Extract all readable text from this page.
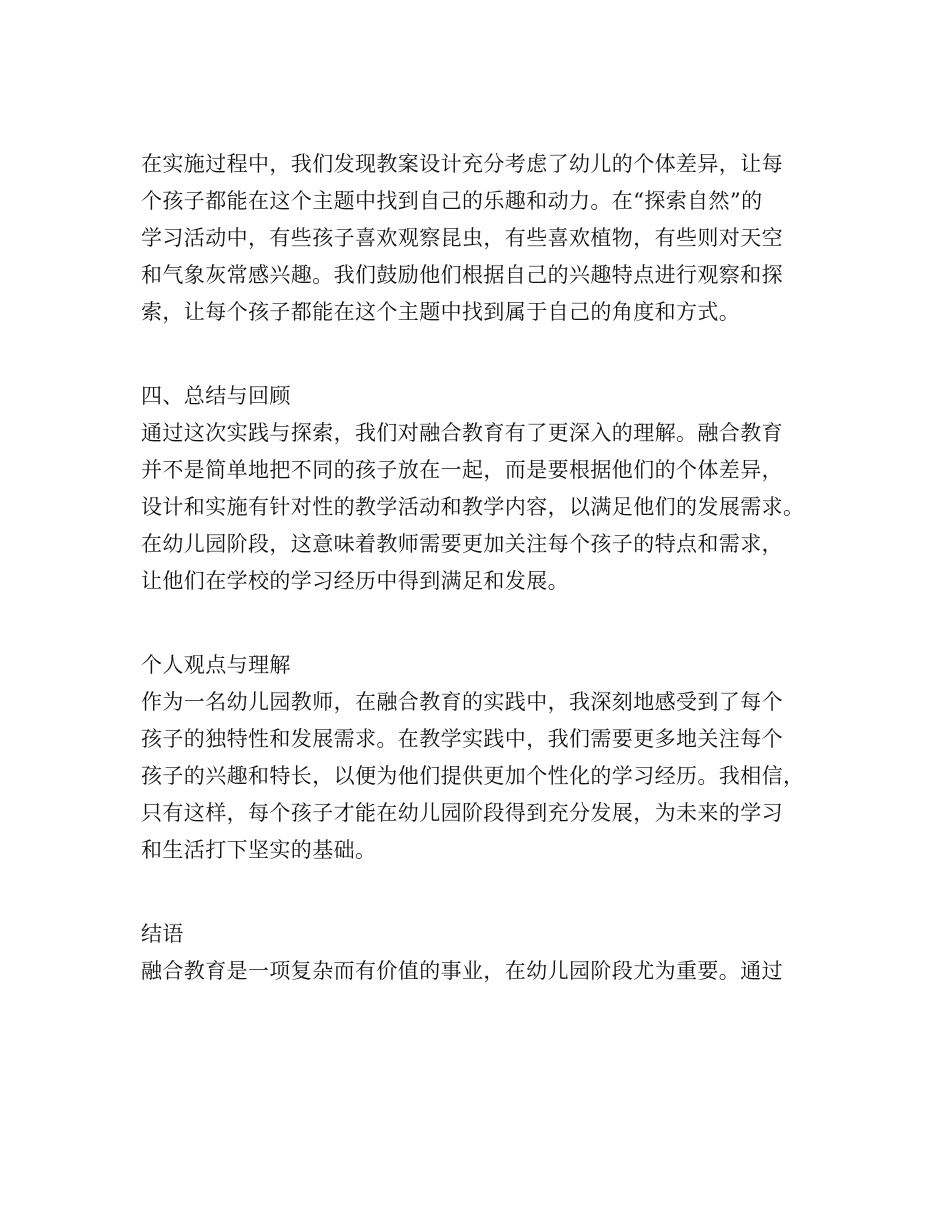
在实施过程中，我们发现教案设计充分考虑了幼儿的个体差异，让每
个孩子都能在这个主题中找到自己的乐趣和动力。在“探索自然”的
学习活动中，有些孩子喜欢观察昆虫，有些喜欢植物，有些则对天空
和气象灰常感兴趣。我们鼓励他们根据自己的兴趣特点进行观察和探
索，让每个孩子都能在这个主题中找到属于自己的角度和方式。
四、总结与回顾
通过这次实践与探索，我们对融合教育有了更深入的理解。融合教育
并不是简单地把不同的孩子放在一起，而是要根据他们的个体差异，
设计和实施有针对性的教学活动和教学内容，以满足他们的发展需求。
在幼儿园阶段，这意味着教师需要更加关注每个孩子的特点和需求，
让他们在学校的学习经历中得到满足和发展。
个人观点与理解
作为一名幼儿园教师，在融合教育的实践中，我深刻地感受到了每个
孩子的独特性和发展需求。在教学实践中，我们需要更多地关注每个
孩子的兴趣和特长，以便为他们提供更加个性化的学习经历。我相信，
只有这样，每个孩子才能在幼儿园阶段得到充分发展，为未来的学习
和生活打下坚实的基础。
结语
融合教育是一项复杂而有价值的事业，在幼儿园阶段尤为重要。通过
